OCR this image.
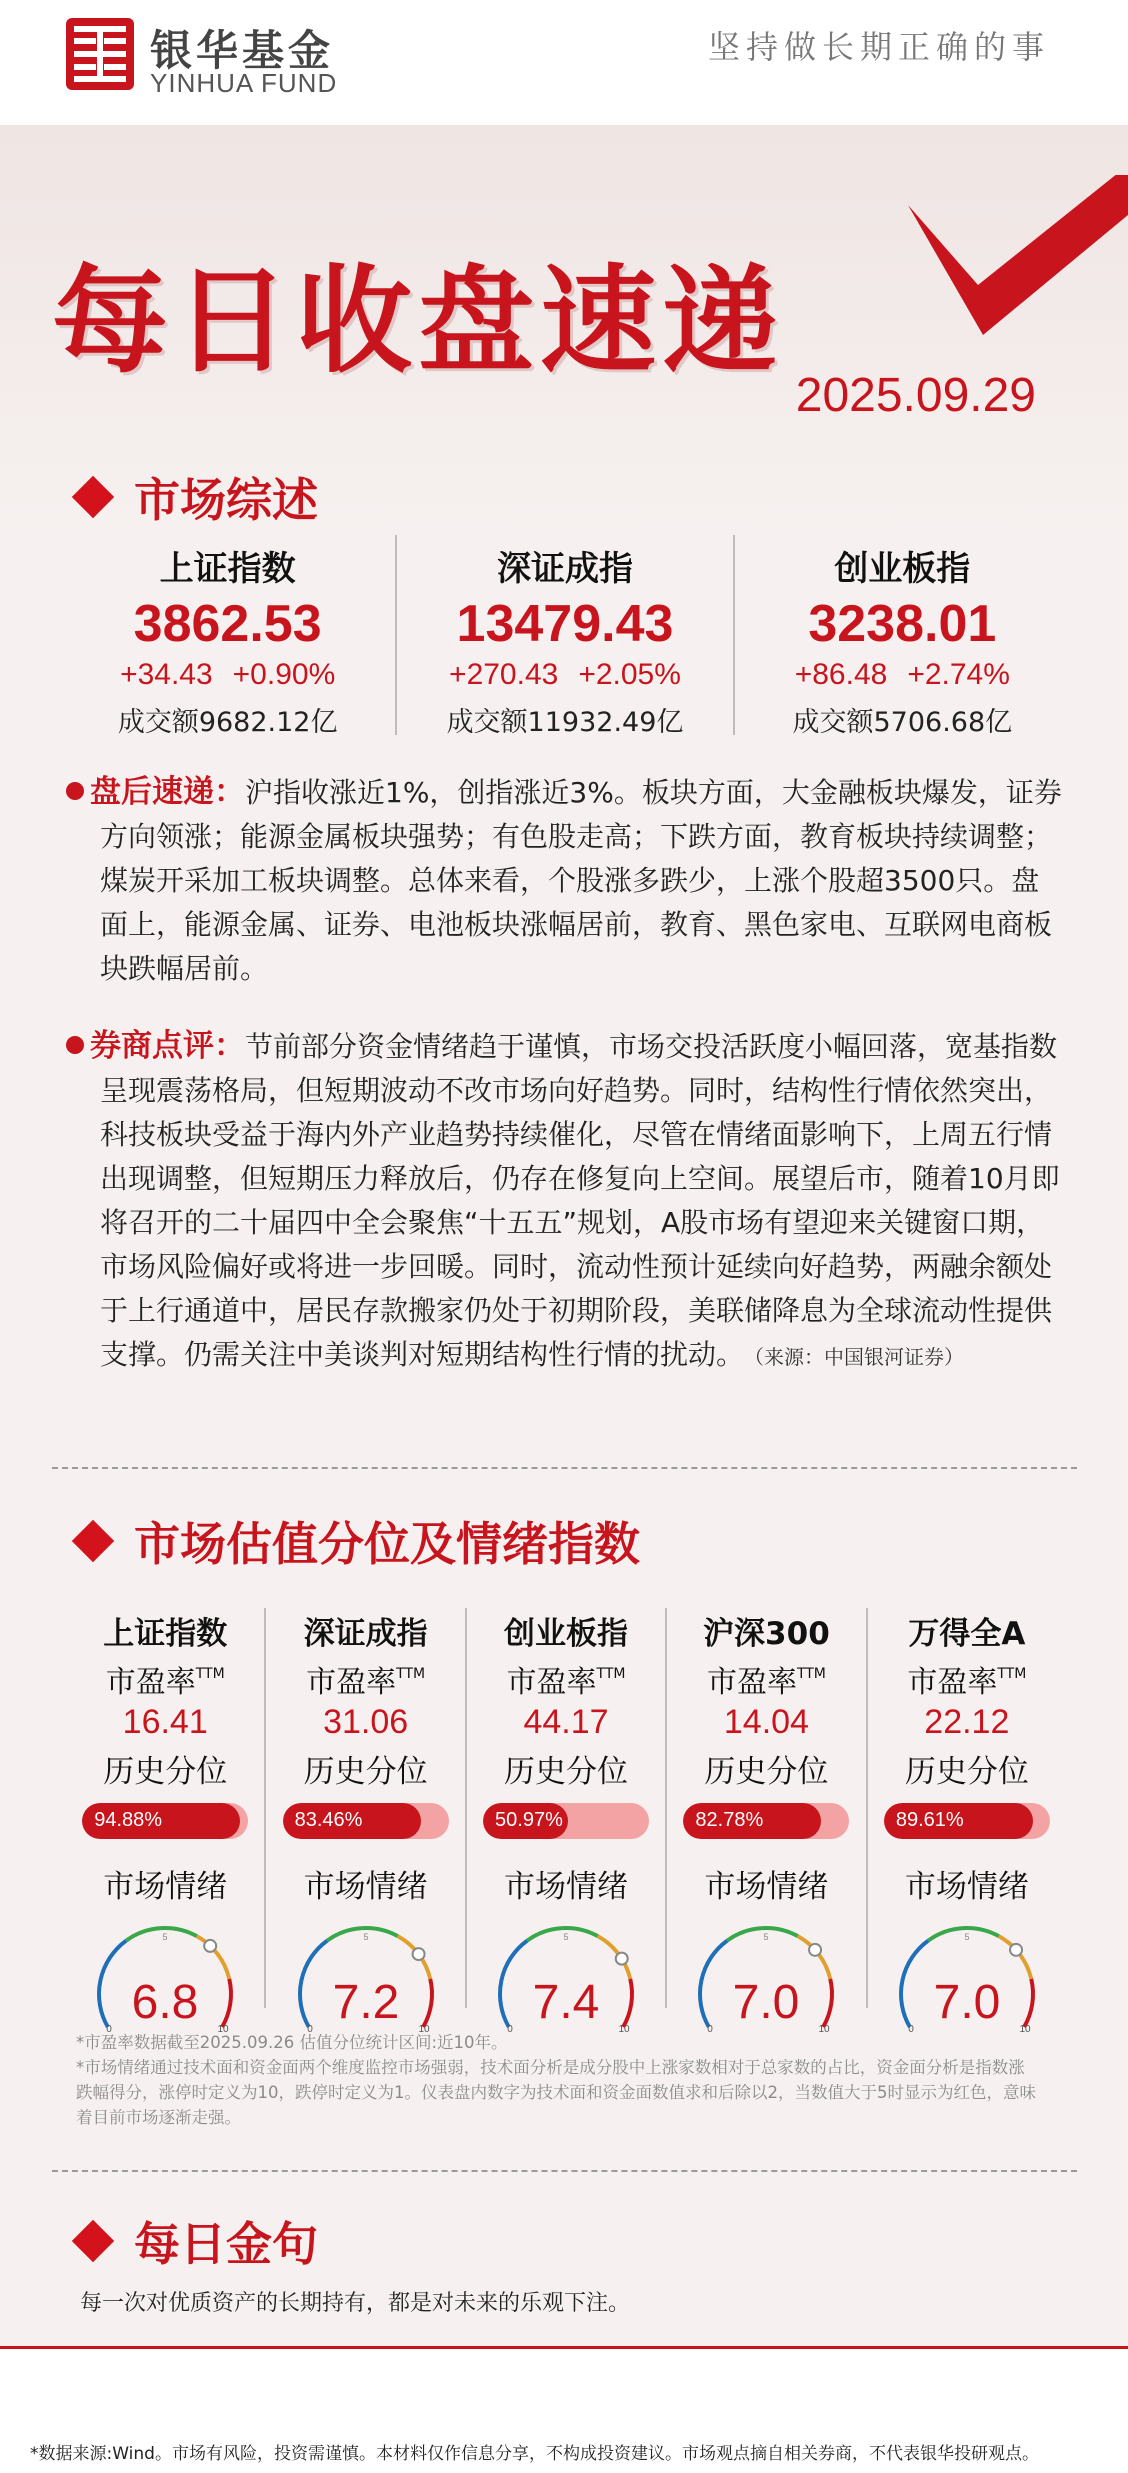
银华基金
YINHUA FUND
坚持做长期正确的事
每日收盘速递
2025.09.29
市场综述
上证指数
3862.53
+34.43 +0.90%
成交额9682.12亿
深证成指
13479.43
+270.43 +2.05%
成交额11932.49亿
创业板指
3238.01
+86.48 +2.74%
成交额5706.68亿

盘后速递：沪指收涨近1%，创指涨近3%。板块方面，大金融板块爆发，证券方向领涨；能源金属板块强势；有色股走高；下跌方面，教育板块持续调整；煤炭开采加工板块调整。总体来看，个股涨多跌少，上涨个股超3500只。盘面上，能源金属、证券、电池板块涨幅居前，教育、黑色家电、互联网电商板块跌幅居前。

券商点评：节前部分资金情绪趋于谨慎，市场交投活跃度小幅回落，宽基指数呈现震荡格局，但短期波动不改市场向好趋势。同时，结构性行情依然突出，科技板块受益于海内外产业趋势持续催化，尽管在情绪面影响下，上周五行情出现调整，但短期压力释放后，仍存在修复向上空间。展望后市，随着10月即将召开的二十届四中全会聚焦“十五五”规划，A股市场有望迎来关键窗口期，市场风险偏好或将进一步回暖。同时，流动性预计延续向好趋势，两融余额处于上行通道中，居民存款搬家仍处于初期阶段，美联储降息为全球流动性提供支撑。仍需关注中美谈判对短期结构性行情的扰动。 （来源：中国银河证券）

市场估值分位及情绪指数
上证指数
市盈率$^{TTM}$
16.41
历史分位
94.88%
市场情绪
0
5
10
6.8
深证成指
市盈率$^{TTM}$
31.06
历史分位
83.46%
市场情绪
0
5
10
7.2
创业板指
市盈率$^{TTM}$
44.17
历史分位
50.97%
市场情绪
0
5
10
7.4
沪深300
市盈率$^{TTM}$
14.04
历史分位
82.78%
市场情绪
0
5
10
7.0
万得全A
市盈率$^{TTM}$
22.12
历史分位
89.61%
市场情绪
0
5
10
7.0
*市盈率数据截至2025.09.26 估值分位统计区间:近10年。
*市场情绪通过技术面和资金面两个维度监控市场强弱，技术面分析是成分股中上涨家数相对于总家数的占比，资金面分析是指数涨跌幅得分，涨停时定义为10，跌停时定义为1。仪表盘内数字为技术面和资金面数值求和后除以2，当数值大于5时显示为红色，意味着目前市场逐渐走强。
每日金句
每一次对优质资产的长期持有，都是对未来的乐观下注。
*数据来源:Wind。市场有风险，投资需谨慎。本材料仅作信息分享，不构成投资建议。市场观点摘自相关券商，不代表银华投研观点。
